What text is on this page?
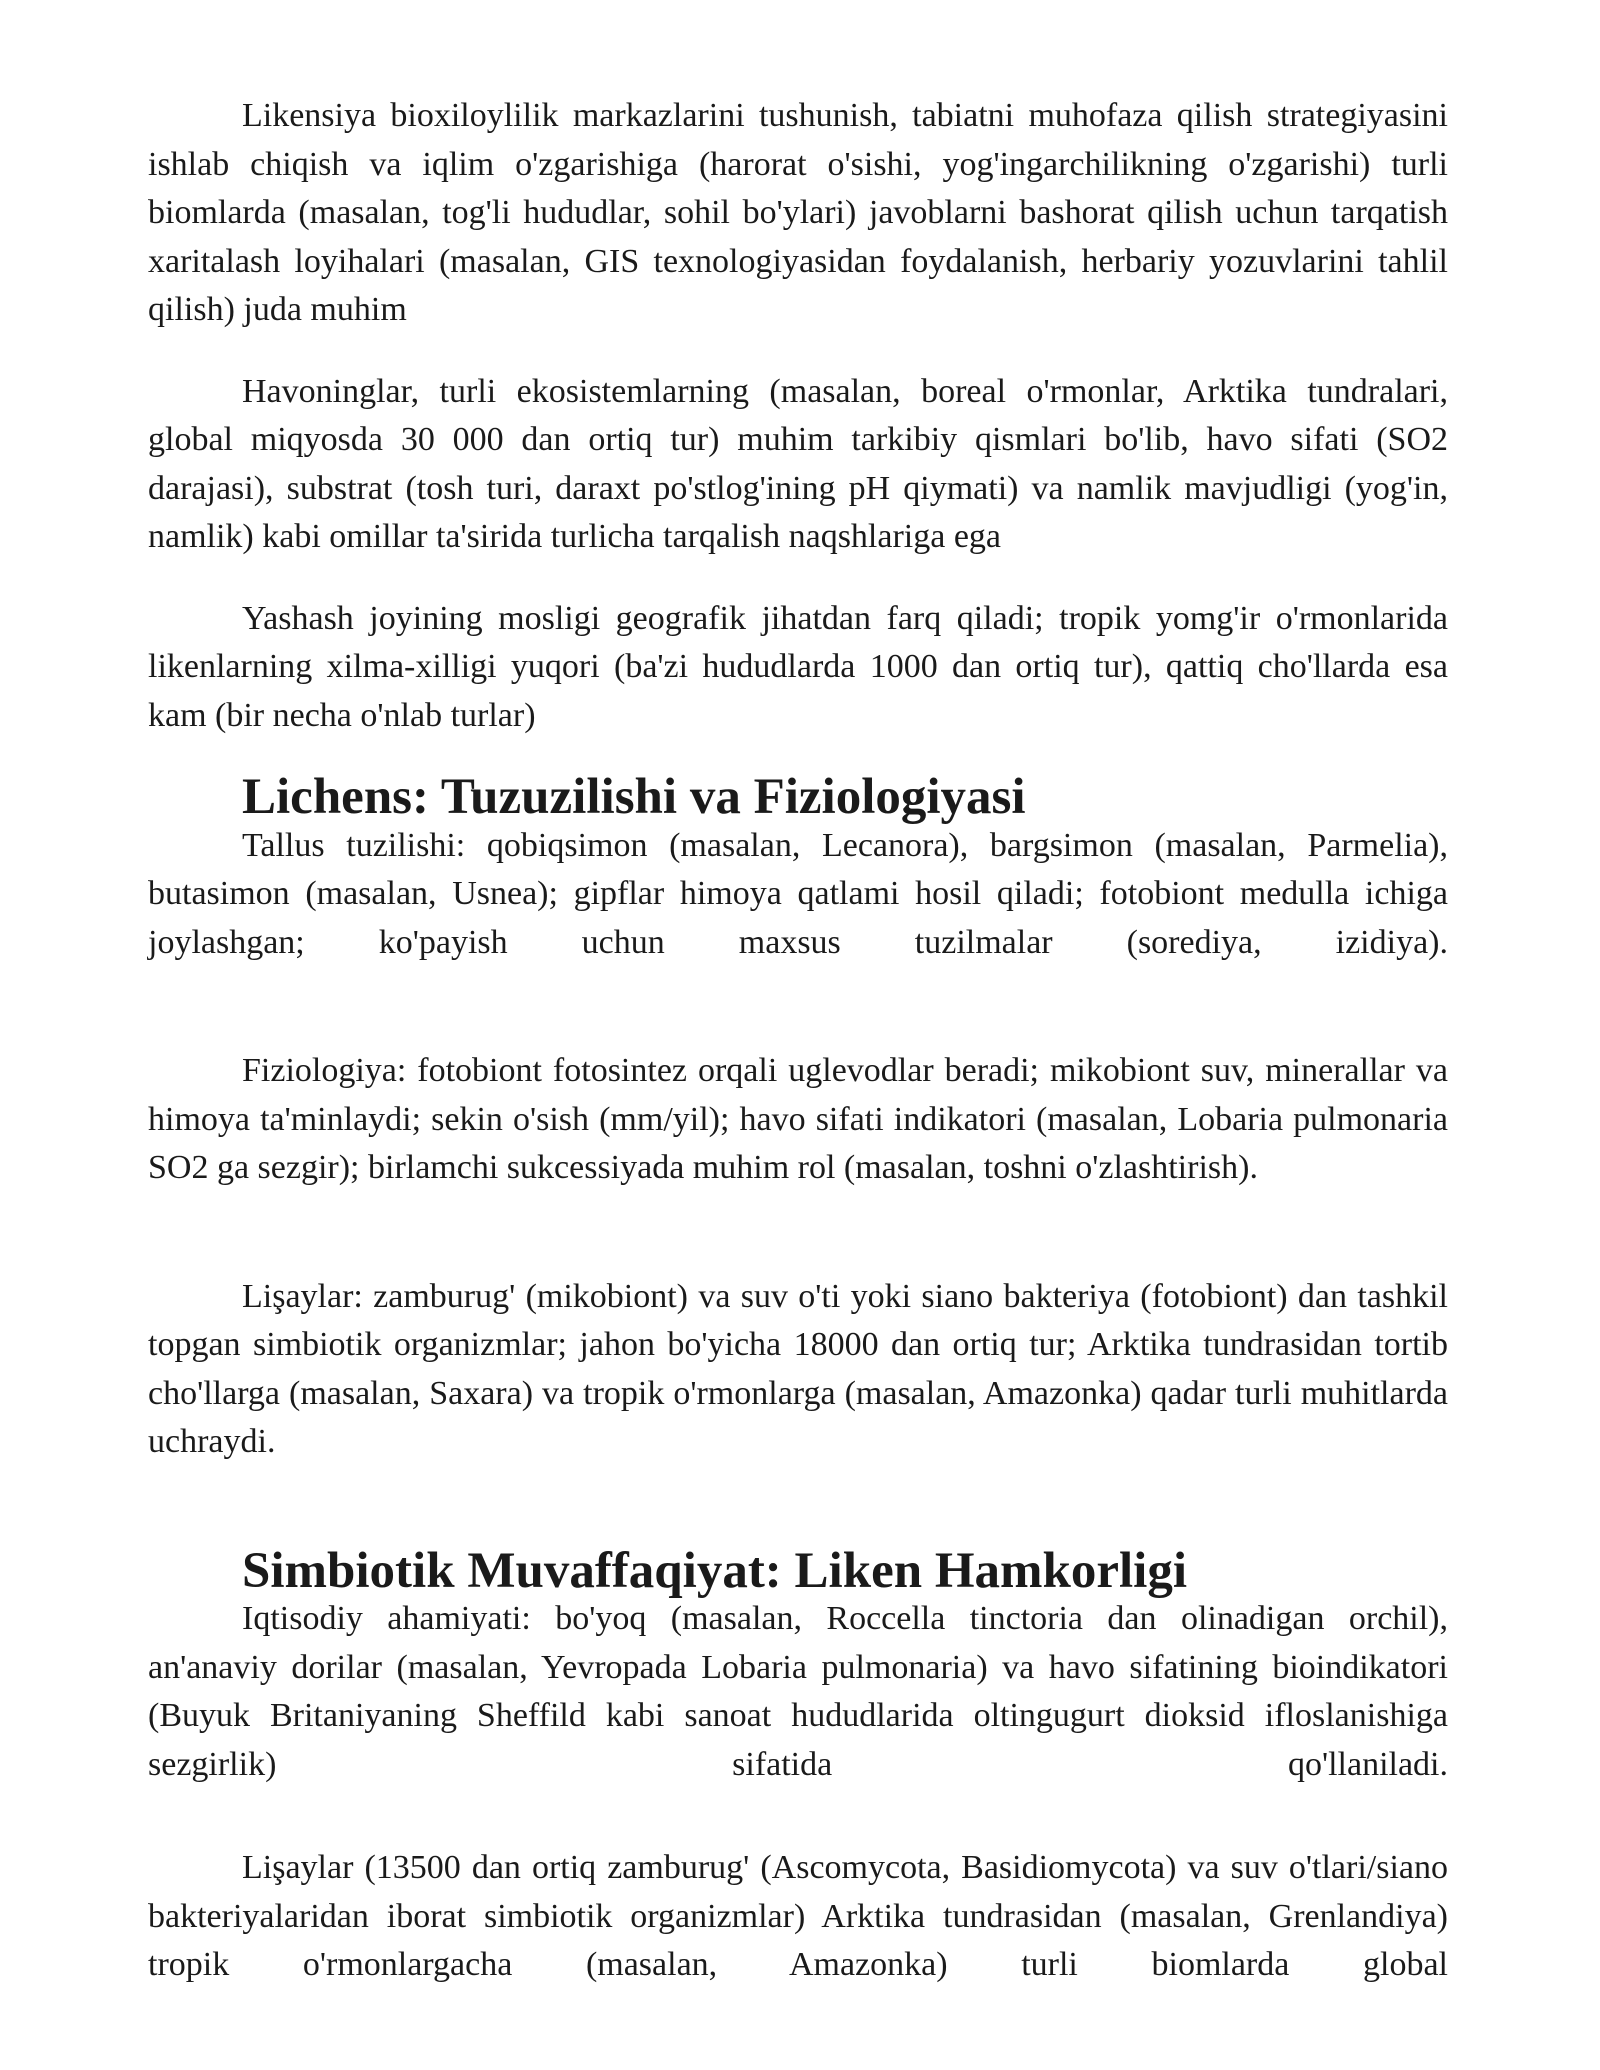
Likensiya bioxiloylilik markazlarini tushunish, tabiatni muhofaza qilish strategiyasini ishlab chiqish va iqlim o'zgarishiga (harorat o'sishi, yog'ingarchilikning o'zgarishi) turli biomlarda (masalan, tog'li hududlar, sohil bo'ylari) javoblarni bashorat qilish uchun tarqatish xaritalash loyihalari (masalan, GIS texnologiyasidan foydalanish, herbariy yozuvlarini tahlil qilish) juda muhim

Havoninglar, turli ekosistemlarning (masalan, boreal o'rmonlar, Arktika tundralari, global miqyosda 30 000 dan ortiq tur) muhim tarkibiy qismlari bo'lib, havo sifati (SO2 darajasi), substrat (tosh turi, daraxt po'stlog'ining pH qiymati) va namlik mavjudligi (yog'in, namlik) kabi omillar ta'sirida turlicha tarqalish naqshlariga ega

Yashash joyining mosligi geografik jihatdan farq qiladi; tropik yomg'ir o'rmonlarida likenlarning xilma-xilligi yuqori (ba'zi hududlarda 1000 dan ortiq tur), qattiq cho'llarda esa kam (bir necha o'nlab turlar)

Lichens: Tuzuzilishi va Fiziologiyasi

Tallus tuzilishi: qobiqsimon (masalan, Lecanora), bargsimon (masalan, Parmelia), butasimon (masalan, Usnea); gipflar himoya qatlami hosil qiladi; fotobiont medulla ichiga joylashgan; ko'payish uchun maxsus tuzilmalar (sorediya, izidiya).

Fiziologiya: fotobiont fotosintez orqali uglevodlar beradi; mikobiont suv, minerallar va himoya ta'minlaydi; sekin o'sish (mm/yil); havo sifati indikatori (masalan, Lobaria pulmonaria SO2 ga sezgir); birlamchi sukcessiyada muhim rol (masalan, toshni o'zlashtirish).

Lişaylar: zamburug' (mikobiont) va suv o'ti yoki siano bakteriya (fotobiont) dan tashkil topgan simbiotik organizmlar; jahon bo'yicha 18000 dan ortiq tur; Arktika tundrasidan tortib cho'llarga (masalan, Saxara) va tropik o'rmonlarga (masalan, Amazonka) qadar turli muhitlarda uchraydi.

Simbiotik Muvaffaqiyat: Liken Hamkorligi

Iqtisodiy ahamiyati: bo'yoq (masalan, Roccella tinctoria dan olinadigan orchil), an'anaviy dorilar (masalan, Yevropada Lobaria pulmonaria) va havo sifatining bioindikatori (Buyuk Britaniyaning Sheffild kabi sanoat hududlarida oltingugurt dioksid ifloslanishiga sezgirlik) sifatida qo'llaniladi.

Lişaylar (13500 dan ortiq zamburug' (Ascomycota, Basidiomycota) va suv o'tlari/siano bakteriyalaridan iborat simbiotik organizmlar) Arktika tundrasidan (masalan, Grenlandiya) tropik o'rmonlargacha (masalan, Amazonka) turli biomlarda global
